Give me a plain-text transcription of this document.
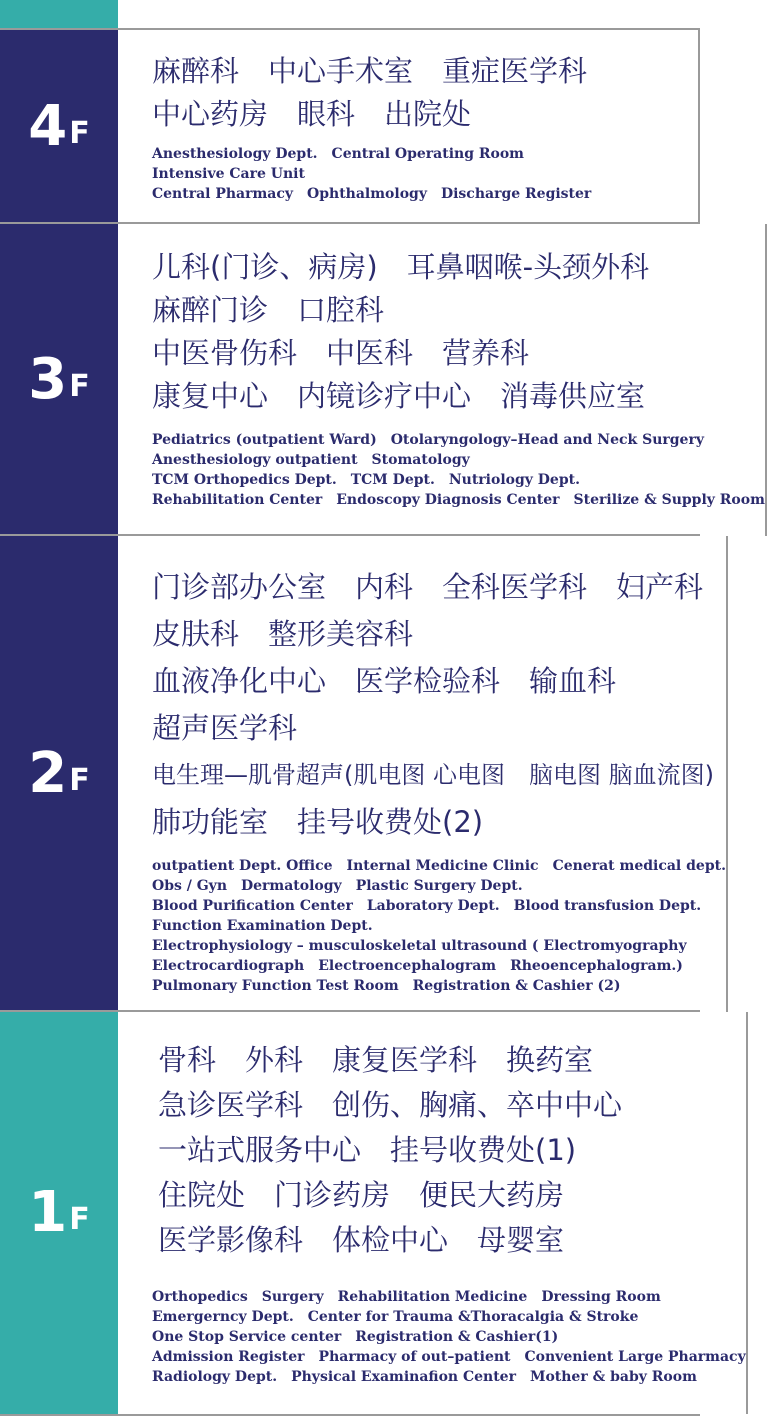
4 F
麻醉科　中心手术室　重症医学科
中心药房　眼科　出院处
Anesthesiology Dept.　Central Operating Room
Intensive Care Unit
Central Pharmacy　Ophthalmology　Discharge Register
3 F
儿科(门诊、病房)　耳鼻咽喉-头颈外科
麻醉门诊　口腔科
中医骨伤科　中医科　营养科
康复中心　内镜诊疗中心　消毒供应室
Pediatrics (outpatient Ward)　Otolaryngology–Head and Neck Surgery
Anesthesiology outpatient　Stomatology
TCM Orthopedics Dept.　TCM Dept.　Nutriology Dept.
Rehabilitation Center　Endoscopy Diagnosis Center　Sterilize & Supply Room
2 F
门诊部办公室　内科　全科医学科　妇产科
皮肤科　整形美容科
血液净化中心　医学检验科　输血科
超声医学科
电生理—肌骨超声(肌电图 心电图　脑电图 脑血流图)
肺功能室　挂号收费处(2)
outpatient Dept. Office　Internal Medicine Clinic　Cenerat medical dept.
Obs / Gyn　Dermatology　Plastic Surgery Dept.
Blood Purification Center　Laboratory Dept.　Blood transfusion Dept.
Function Examination Dept.
Electrophysiology – musculoskeletal ultrasound ( Electromyography
Electrocardiograph　Electroencephalogram　Rheoencephalogram.)
Pulmonary Function Test Room　Registration & Cashier (2)
1 F
骨科　外科　康复医学科　换药室
急诊医学科　创伤、胸痛、卒中中心
一站式服务中心　挂号收费处(1)
住院处　门诊药房　便民大药房
医学影像科　体检中心　母婴室
Orthopedics　Surgery　Rehabilitation Medicine　Dressing Room
Emergerncy Dept.　Center for Trauma &Thoracalgia & Stroke
One Stop Service center　Registration & Cashier(1)
Admission Register　Pharmacy of out–patient　Convenient Large Pharmacy
Radiology Dept.　Physical Examinafion Center　Mother & baby Room
